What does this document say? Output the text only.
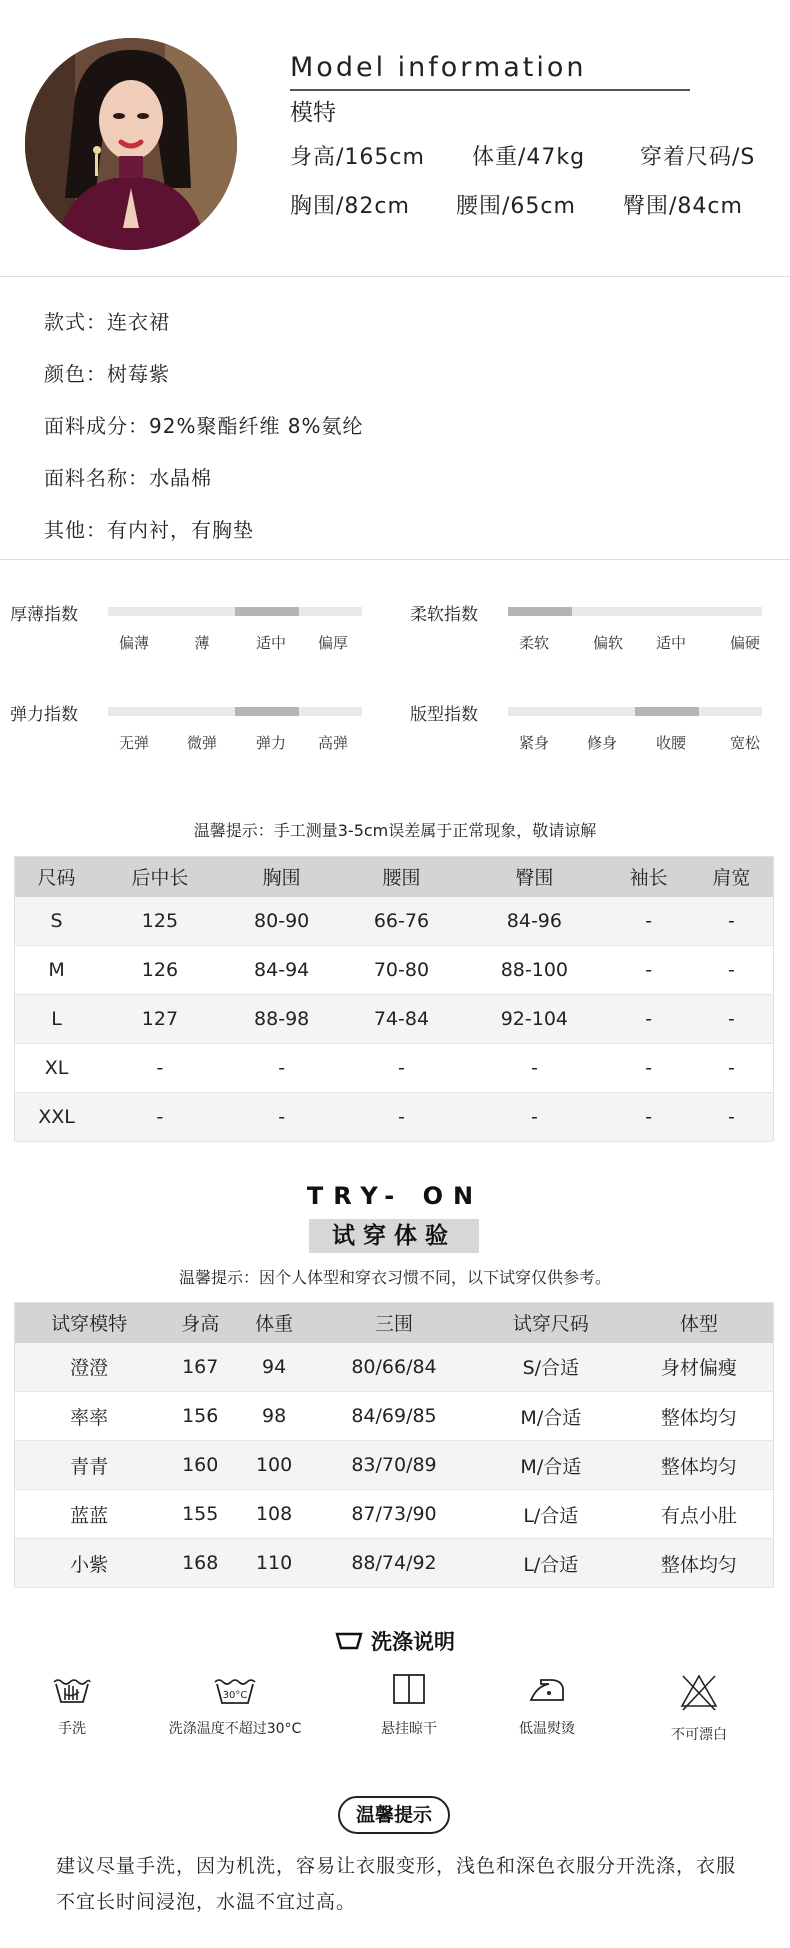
Model information
模特
身高/165cm 体重/47kg 穿着尺码/S
胸围/82cm 腰围/65cm 臀围/84cm
款式：连衣裙
颜色：树莓紫
面料成分：92%聚酯纤维 8%氨纶
面料名称：水晶棉
其他：有内衬，有胸垫
厚薄指数
偏薄	薄	适中 偏厚
柔软指数
柔软	偏软 适中	偏硬
弹力指数
无弹	微弹	弹力 高弹
版型指数
紧身	修身	收腰	宽松
温馨提示：手工测量3-5cm误差属于正常现象，敬请谅解
尺码	后中长	胸围	腰围	臀围	袖长	肩宽
S	125	80-90	66-76	84-96	-	-
M	126	84-94	70-80	88-100	-	-
L	127	88-98	74-84	92-104	-	-
XL	-	-	-	-	-	-
XXL	-	-	-	-	-	-
TRY- ON
试穿体验
温馨提示：因个人体型和穿衣习惯不同，以下试穿仅供参考。
试穿模特	身高	体重	三围	试穿尺码	体型
澄澄	167	94	80/66/84	S/合适	身材偏瘦
率率	156	98	84/69/85	M/合适	整体均匀
青青	160	100	83/70/89	M/合适	整体均匀
蓝蓝	155	108	87/73/90	L/合适	有点小肚
小紫	168	110	88/74/92	L/合适	整体均匀
洗涤说明
手洗
30°C
洗涤温度不超过30°C	悬挂晾干	低温熨烫	不可漂白
温馨提示
建议尽量手洗，因为机洗，容易让衣服变形，浅色和深色衣服分开洗涤，衣服不宜长时间浸泡，水温不宜过高。
